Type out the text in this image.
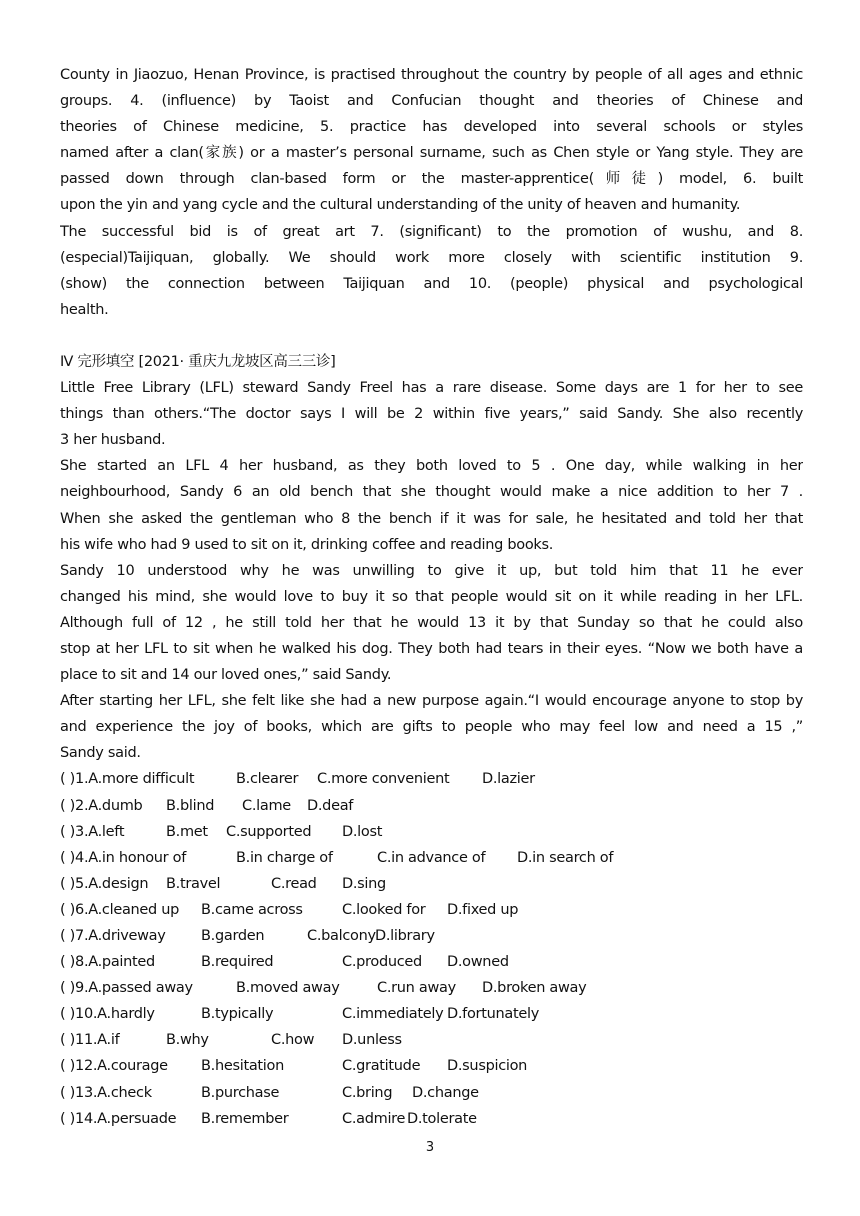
County in Jiaozuo, Henan Province, is practised throughout the country by people of all ages and ethnic
groups. 4. (influence) by Taoist and Confucian thought and theories of Chinese and
theories of Chinese medicine, 5. practice has developed into several schools or styles
named after a clan(家族) or a master’s personal surname, such as Chen style or Yang style. They are
passed down through clan-based form or the master-apprentice(师徒) model, 6. built
upon the yin and yang cycle and the cultural understanding of the unity of heaven and humanity.
The successful bid is of great art 7. (significant) to the promotion of wushu, and 8.
(especial)Taijiquan, globally. We should work more closely with scientific institution 9.
(show) the connection between Taijiquan and 10. (people) physical and psychological
health.
Ⅳ 完形填空 [2021· 重庆九龙坡区高三三诊]
Little Free Library (LFL) steward Sandy Freel has a rare disease. Some days are 1 for her to see
things than others.“The doctor says I will be 2 within five years,” said Sandy. She also recently
3 her husband.
She started an LFL 4 her husband, as they both loved to 5 . One day, while walking in her
neighbourhood, Sandy 6 an old bench that she thought would make a nice addition to her 7 .
When she asked the gentleman who 8 the bench if it was for sale, he hesitated and told her that
his wife who had 9 used to sit on it, drinking coffee and reading books.
Sandy 10 understood why he was unwilling to give it up, but told him that 11 he ever
changed his mind, she would love to buy it so that people would sit on it while reading in her LFL.
Although full of 12 , he still told her that he would 13 it by that Sunday so that he could also
stop at her LFL to sit when he walked his dog. They both had tears in their eyes. “Now we both have a
place to sit and 14 our loved ones,” said Sandy.
After starting her LFL, she felt like she had a new purpose again.“I would encourage anyone to stop by
and experience the joy of books, which are gifts to people who may feel low and need a 15 ,”
Sandy said.
( )1.A.more difficult	B.clearer C.more convenient D.lazier
( )2.A.dumb B.blind C.lame D.deaf
( )3.A.left	B.met C.supported D.lost
( )4.A.in honour of	B.in charge of	C.in advance of D.in search of
( )5.A.design B.travel	C.read D.sing
( )6.A.cleaned up B.came across	C.looked for D.fixed up
( )7.A.driveway B.garden	C.balcony D.library
( )8.A.painted	B.required	C.produced D.owned
( )9.A.passed away	B.moved away	C.run away D.broken away
( )10.A.hardly	B.typically	C.immediately D.fortunately
( )11.A.if	B.why	C.how D.unless
( )12.A.courage B.hesitation	C.gratitude D.suspicion
( )13.A.check	B.purchase	C.bring D.change
( )14.A.persuade B.remember	C.admire D.tolerate
3
